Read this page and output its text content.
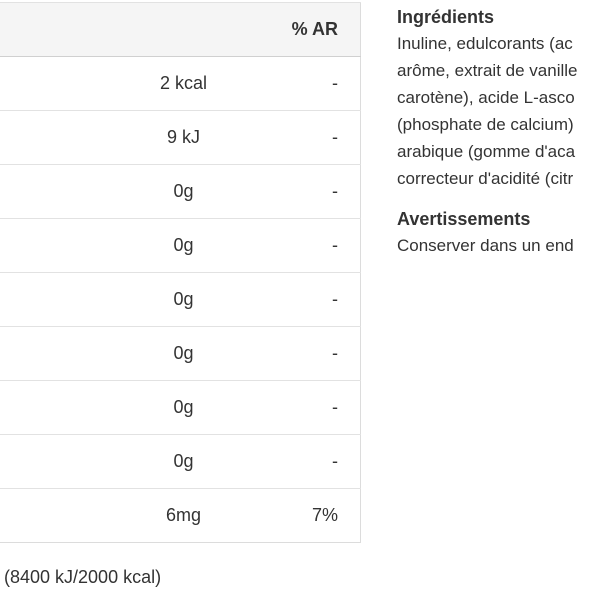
		% AR
	2 kcal	-
	9 kJ	-
	0g	-
	0g	-
	0g	-
	0g	-
	0g	-
	0g	-
	6mg	7%
(8400 kJ/2000 kcal)
Ingrédients

Inuline, edulcorants (ac

arôme, extrait de vanille

carotène), acide L-asco

(phosphate de calcium)

arabique (gomme d'aca

correcteur d'acidité (citr

Avertissements

Conserver dans un end
